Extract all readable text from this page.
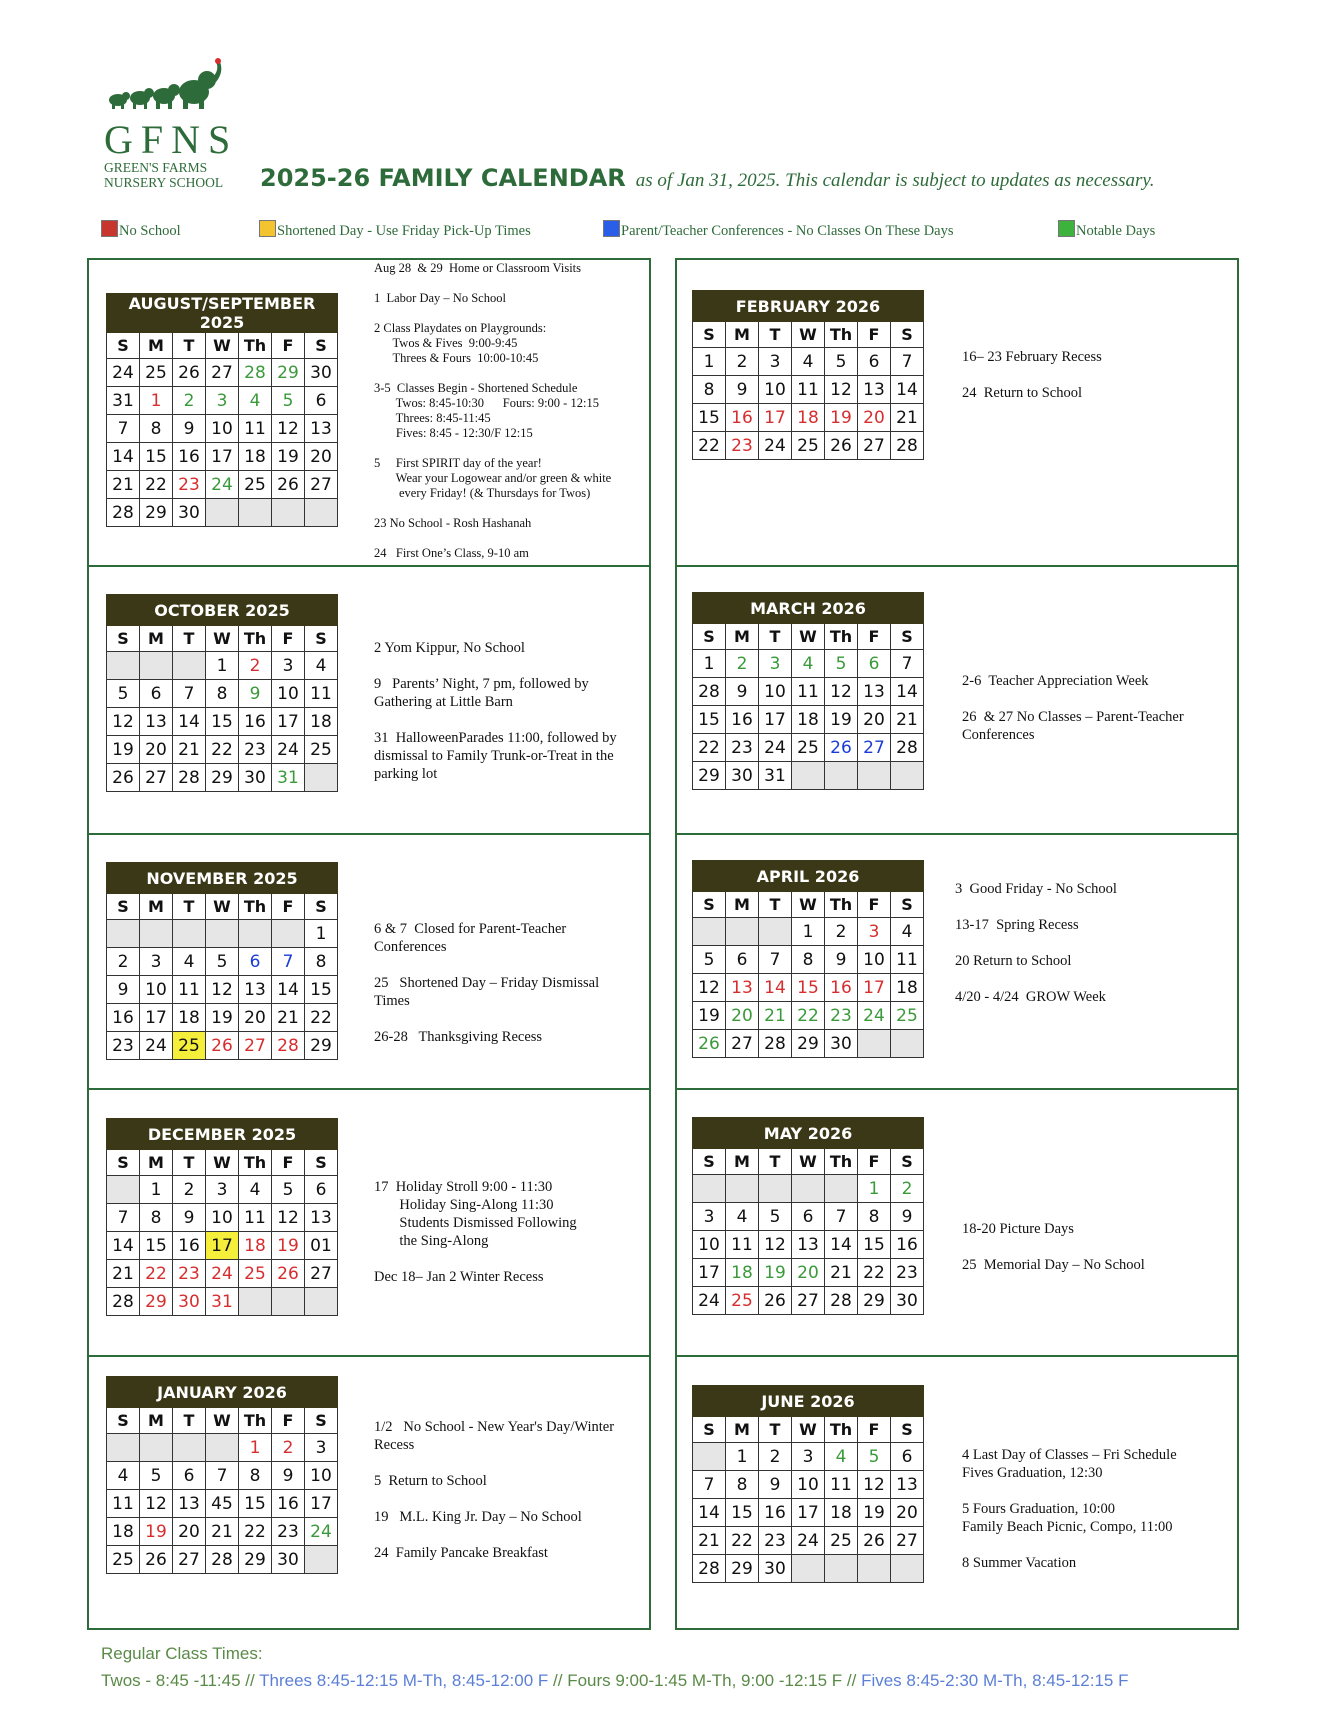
GFNS
GREEN'S FARMS
NURSERY SCHOOL	2025-26 FAMILY CALENDAR as of Jan 31, 2025. This calendar is subject to updates as necessary.
No School	Shortened Day - Use Friday Pick-Up Times	Parent/Teacher Conferences - No Classes On These Days	Notable Days
AUGUST/SEPTEMBER 2025						
S	M	T	W	Th	F	S
24	25	26	27	28	29	30
31	1	2	3	4	5	6
7	8	9	10	11	12	13
14	15	16	17	18	19	20
21	22	23	24	25	26	27
28	29	30				
Aug 28  & 29  Home or Classroom Visits

1  Labor Day – No School

2 Class Playdates on Playgrounds:
Twos & Fives  9:00-9:45
Threes & Fours  10:00-10:45

3-5  Classes Begin - Shortened Schedule
Twos: 8:45-10:30      Fours: 9:00 - 12:15
Threes: 8:45-11:45
Fives: 8:45 - 12:30/F 12:15

5     First SPIRIT day of the year!
Wear your Logowear and/or green & white
every Friday! (& Thursdays for Twos)

23 No School - Rosh Hashanah

24   First One’s Class, 9-10 am
OCTOBER 2025						
S	M	T	W	Th	F	S
			1	2	3	4
5	6	7	8	9	10	11
12	13	14	15	16	17	18
19	20	21	22	23	24	25
26	27	28	29	30	31	
2 Yom Kippur, No School

9   Parents’ Night, 7 pm, followed by
Gathering at Little Barn

31  HalloweenParades 11:00, followed by
dismissal to Family Trunk-or-Treat in the
parking lot
NOVEMBER 2025						
S	M	T	W	Th	F	S
						1
2	3	4	5	6	7	8
9	10	11	12	13	14	15
16	17	18	19	20	21	22
23	24	25	26	27	28	29
6 & 7  Closed for Parent-Teacher
Conferences

25   Shortened Day – Friday Dismissal
Times

26-28   Thanksgiving Recess
DECEMBER 2025						
S	M	T	W	Th	F	S
	1	2	3	4	5	6
7	8	9	10	11	12	13
14	15	16	17	18	19	01
21	22	23	24	25	26	27
28	29	30	31			
17  Holiday Stroll 9:00 - 11:30
Holiday Sing-Along 11:30
Students Dismissed Following
the Sing-Along

Dec 18– Jan 2 Winter Recess
JANUARY 2026						
S	M	T	W	Th	F	S
				1	2	3
4	5	6	7	8	9	10
11	12	13	45	15	16	17
18	19	20	21	22	23	24
25	26	27	28	29	30	
1/2   No School - New Year's Day/Winter
Recess

5  Return to School

19   M.L. King Jr. Day – No School

24  Family Pancake Breakfast
FEBRUARY 2026						
S	M	T	W	Th	F	S
1	2	3	4	5	6	7
8	9	10	11	12	13	14
15	16	17	18	19	20	21
22	23	24	25	26	27	28
16– 23 February Recess

24  Return to School
MARCH 2026						
S	M	T	W	Th	F	S
1	2	3	4	5	6	7
28	9	10	11	12	13	14
15	16	17	18	19	20	21
22	23	24	25	26	27	28
29	30	31				
2-6  Teacher Appreciation Week

26  & 27 No Classes – Parent-Teacher
Conferences
APRIL 2026						
S	M	T	W	Th	F	S
			1	2	3	4
5	6	7	8	9	10	11
12	13	14	15	16	17	18
19	20	21	22	23	24	25
26	27	28	29	30		
3  Good Friday - No School

13-17  Spring Recess

20 Return to School

4/20 - 4/24  GROW Week
MAY 2026						
S	M	T	W	Th	F	S
					1	2
3	4	5	6	7	8	9
10	11	12	13	14	15	16
17	18	19	20	21	22	23
24	25	26	27	28	29	30
18-20 Picture Days

25  Memorial Day – No School
JUNE 2026						
S	M	T	W	Th	F	S
	1	2	3	4	5	6
7	8	9	10	11	12	13
14	15	16	17	18	19	20
21	22	23	24	25	26	27
28	29	30				
4 Last Day of Classes – Fri Schedule
Fives Graduation, 12:30

5 Fours Graduation, 10:00
Family Beach Picnic, Compo, 11:00

8 Summer Vacation
Regular Class Times:
Twos - 8:45 -11:45 // Threes 8:45-12:15 M-Th, 8:45-12:00 F // Fours 9:00-1:45 M-Th, 9:00 -12:15 F // Fives 8:45-2:30 M-Th, 8:45-12:15 F
